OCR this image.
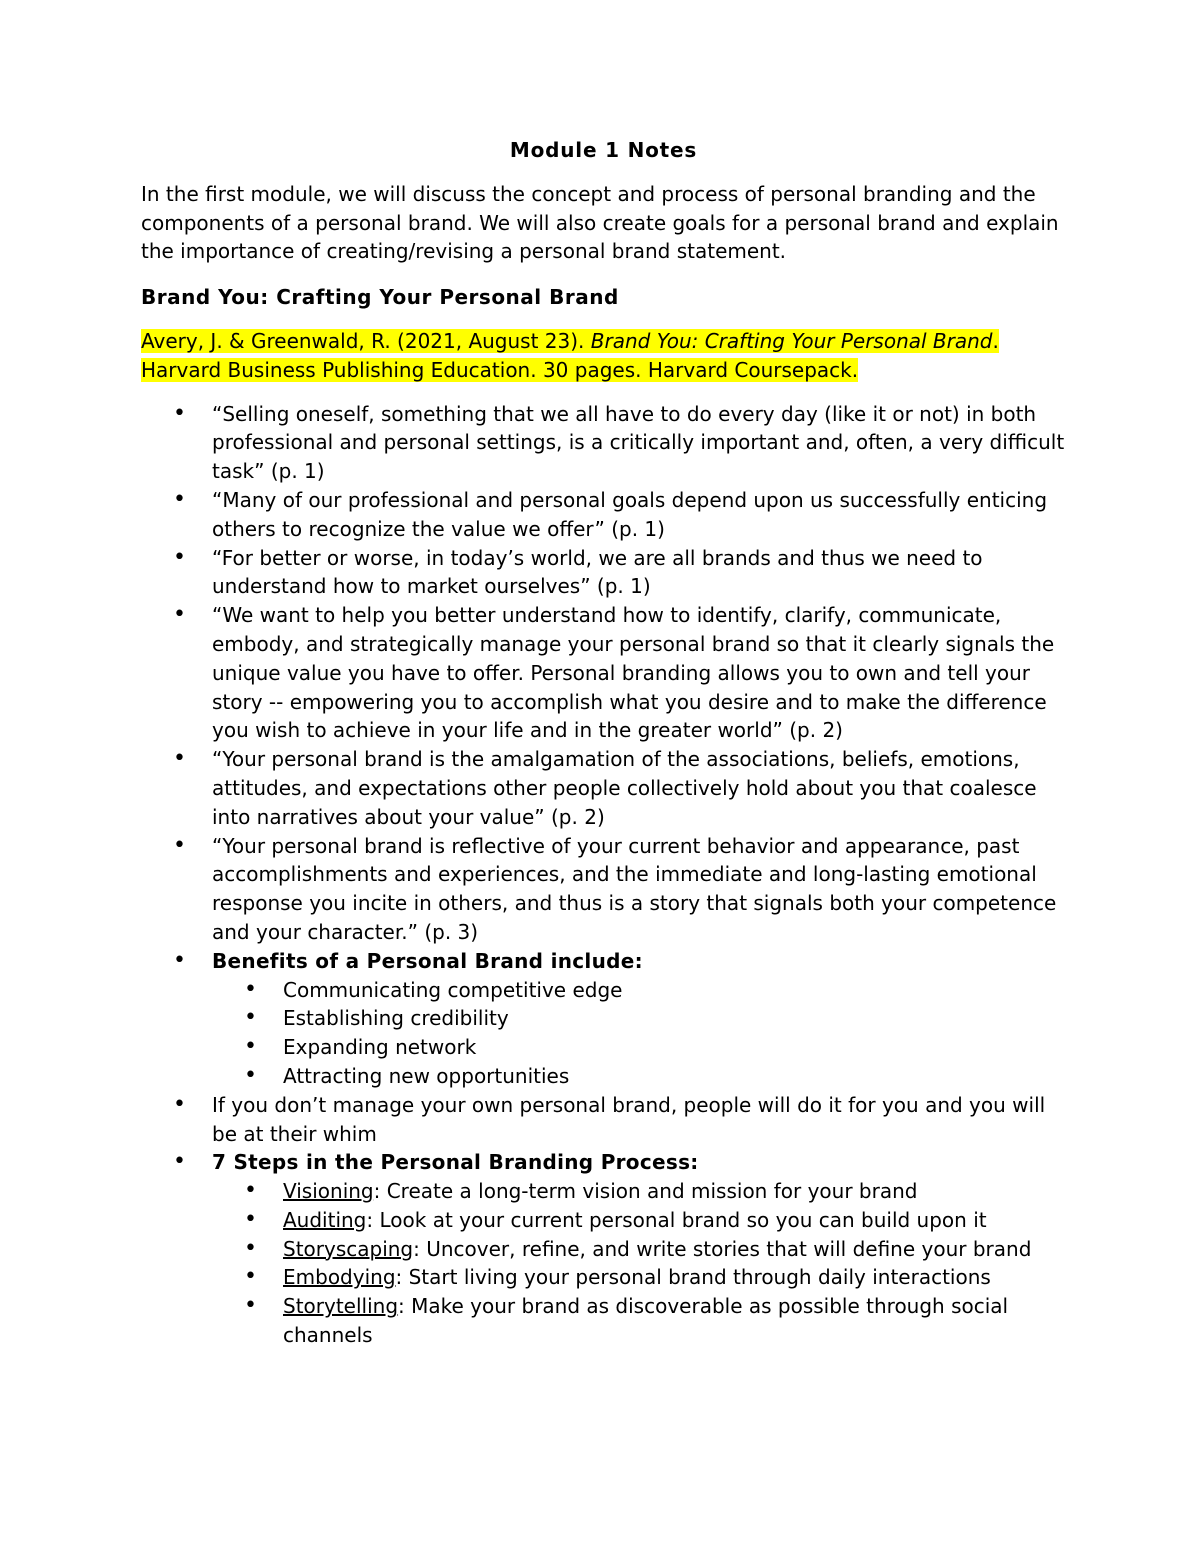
Module 1 Notes

In the first module, we will discuss the concept and process of personal branding and the components of a personal brand. We will also create goals for a personal brand and explain the importance of creating/revising a personal brand statement.

Brand You: Crafting Your Personal Brand

Avery, J. & Greenwald, R. (2021, August 23). Brand You: Crafting Your Personal Brand. Harvard Business Publishing Education. 30 pages. Harvard Coursepack.

• “Selling oneself, something that we all have to do every day (like it or not) in both professional and personal settings, is a critically important and, often, a very difficult task” (p. 1)
• “Many of our professional and personal goals depend upon us successfully enticing others to recognize the value we offer” (p. 1)
• “For better or worse, in today’s world, we are all brands and thus we need to understand how to market ourselves” (p. 1)
• “We want to help you better understand how to identify, clarify, communicate, embody, and strategically manage your personal brand so that it clearly signals the unique value you have to offer. Personal branding allows you to own and tell your story -- empowering you to accomplish what you desire and to make the difference you wish to achieve in your life and in the greater world” (p. 2)
• “Your personal brand is the amalgamation of the associations, beliefs, emotions, attitudes, and expectations other people collectively hold about you that coalesce into narratives about your value” (p. 2)
• “Your personal brand is reflective of your current behavior and appearance, past accomplishments and experiences, and the immediate and long-lasting emotional response you incite in others, and thus is a story that signals both your competence and your character.” (p. 3)
• Benefits of a Personal Brand include:
• Communicating competitive edge
• Establishing credibility
• Expanding network
• Attracting new opportunities
• If you don’t manage your own personal brand, people will do it for you and you will be at their whim
• 7 Steps in the Personal Branding Process:
• Visioning: Create a long-term vision and mission for your brand
• Auditing: Look at your current personal brand so you can build upon it
• Storyscaping: Uncover, refine, and write stories that will define your brand
• Embodying: Start living your personal brand through daily interactions
• Storytelling: Make your brand as discoverable as possible through social channels
